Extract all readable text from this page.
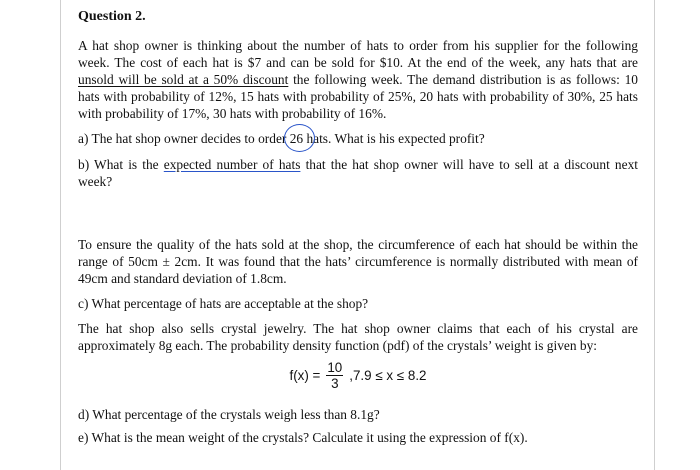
Question 2.

A hat shop owner is thinking about the number of hats to order from his supplier for the following week. The cost of each hat is $7 and can be sold for $10. At the end of the week, any hats that are unsold will be sold at a 50% discount the following week. The demand distribution is as follows: 10 hats with probability of 12%, 15 hats with probability of 25%, 20 hats with probability of 30%, 25 hats with probability of 17%, 30 hats with probability of 16%.

a) The hat shop owner decides to order 26 hats. What is his expected profit?

b) What is the expected number of hats that the hat shop owner will have to sell at a discount next week?

To ensure the quality of the hats sold at the shop, the circumference of each hat should be within the range of 50cm ± 2cm. It was found that the hats’ circumference is normally distributed with mean of 49cm and standard deviation of 1.8cm.

c) What percentage of hats are acceptable at the shop?

The hat shop also sells crystal jewelry. The hat shop owner claims that each of his crystal are approximately 8g each. The probability density function (pdf) of the crystals’ weight is given by:

$f(x) = \frac{10}{3} ,7.9 \le x \le 8.2$

d) What percentage of the crystals weigh less than 8.1g?

e) What is the mean weight of the crystals? Calculate it using the expression of f(x).
